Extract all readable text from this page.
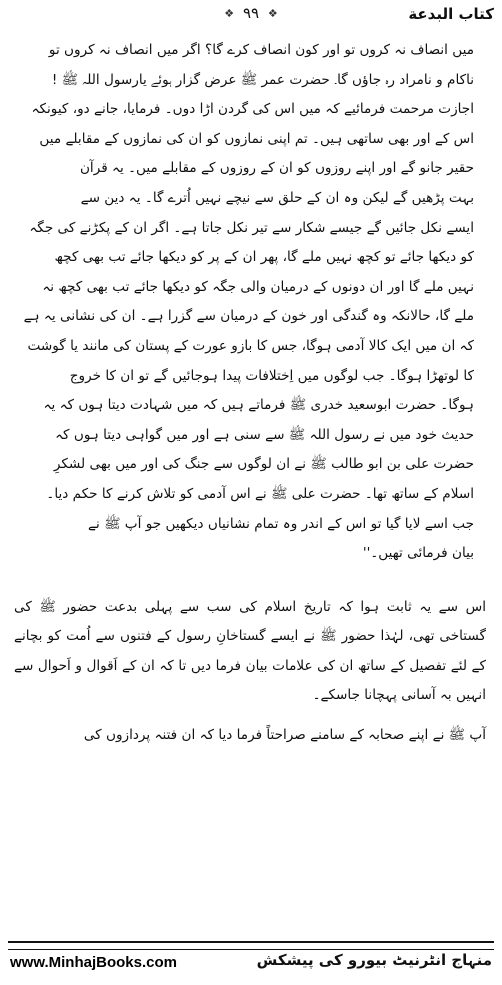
❖ ۹۹ ❖	کتاب البدعة

میں انصاف نہ کروں تو اور کون انصاف کرے گا؟ اگر میں انصاف نہ کروں تو

ناکام و نامراد رہ جاؤں گا۔ حضرت عمر ﷺ عرض گزار ہوئے یارسول اللہ ﷺ !

اجازت مرحمت فرمائیے کہ میں اس کی گردن اڑا دوں۔ فرمایا، جانے دو، کیونکہ

اس کے اور بھی ساتھی ہیں۔ تم اپنی نمازوں کو ان کی نمازوں کے مقابلے میں

حقیر جانو گے اور اپنے روزوں کو ان کے روزوں کے مقابلے میں۔ یہ قرآن

بہت پڑھیں گے لیکن وہ ان کے حلق سے نیچے نہیں اُترے گا۔ یہ دین سے

ایسے نکل جائیں گے جیسے شکار سے تیر نکل جاتا ہے۔ اگر ان کے پکڑنے کی جگہ

کو دیکھا جائے تو کچھ نہیں ملے گا، پھر ان کے پر کو دیکھا جائے تب بھی کچھ

نہیں ملے گا اور ان دونوں کے درمیان والی جگہ کو دیکھا جائے تب بھی کچھ نہ

ملے گا، حالانکہ وہ گندگی اور خون کے درمیان سے گزرا ہے۔ ان کی نشانی یہ ہے

کہ ان میں ایک کالا آدمی ہوگا، جس کا بازو عورت کے پستان کی مانند یا گوشت

کا لوتھڑا ہوگا۔ جب لوگوں میں اِختلافات پیدا ہوجائیں گے تو ان کا خروج

ہوگا۔ حضرت ابوسعید خدری ﷺ فرماتے ہیں کہ میں شہادت دیتا ہوں کہ یہ

حدیث خود میں نے رسول اللہ ﷺ سے سنی ہے اور میں گواہی دیتا ہوں کہ

حضرت علی بن ابو طالب ﷺ نے ان لوگوں سے جنگ کی اور میں بھی لشکرِ

اسلام کے ساتھ تھا۔ حضرت علی ﷺ نے اس آدمی کو تلاش کرنے کا حکم دیا۔

جب اسے لایا گیا تو اس کے اندر وہ تمام نشانیاں دیکھیں جو آپ ﷺ نے

بیان فرمائی تھیں۔''

اس سے یہ ثابت ہوا کہ تاریخ اسلام کی سب سے پہلی بدعت حضور ﷺ کی گستاخی تھی، لہٰذا حضور ﷺ نے ایسے گستاخانِ رسول کے فتنوں سے اُمت کو بچانے کے لئے تفصیل کے ساتھ ان کی علامات بیان فرما دیں تا کہ ان کے اَقوال و اَحوال سے انہیں بہ آسانی پہچانا جاسکے۔

آپ ﷺ نے اپنے صحابہ کے سامنے صراحتاً فرما دیا کہ ان فتنہ پردازوں کی

www.MinhajBooks.com	منہاج انٹرنیٹ بیورو کی پیشکش
